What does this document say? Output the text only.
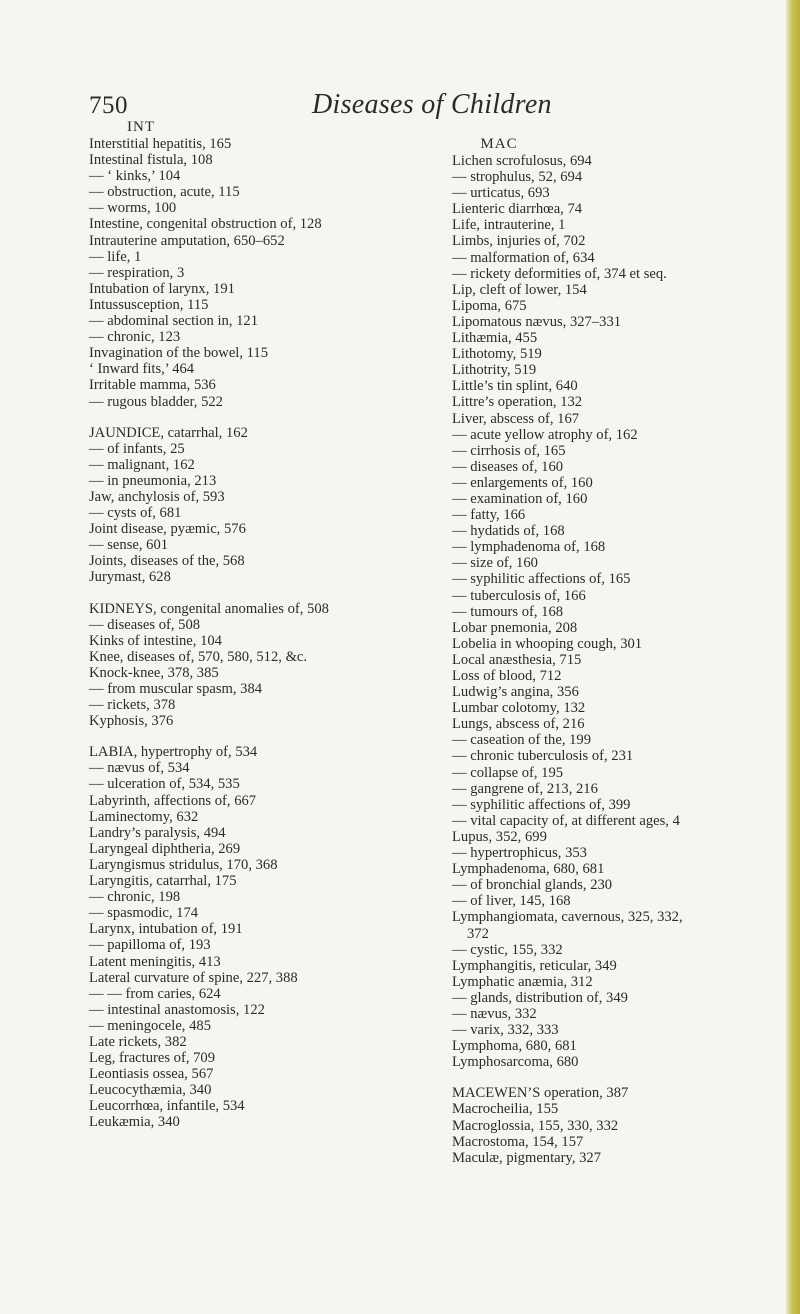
750	Diseases of Children
INT
Interstitial hepatitis, 165
Intestinal fistula, 108
— ‘ kinks,’ 104
— obstruction, acute, 115
— worms, 100
Intestine, congenital obstruction of, 128
Intrauterine amputation, 650–652
— life, 1
— respiration, 3
Intubation of larynx, 191
Intussusception, 115
— abdominal section in, 121
— chronic, 123
Invagination of the bowel, 115
‘ Inward fits,’ 464
Irritable mamma, 536
— rugous bladder, 522
JAUNDICE, catarrhal, 162
— of infants, 25
— malignant, 162
— in pneumonia, 213
Jaw, anchylosis of, 593
— cysts of, 681
Joint disease, pyæmic, 576
— sense, 601
Joints, diseases of the, 568
Jurymast, 628
KIDNEYS, congenital anomalies of, 508
— diseases of, 508
Kinks of intestine, 104
Knee, diseases of, 570, 580, 512, &c.
Knock-knee, 378, 385
— from muscular spasm, 384
— rickets, 378
Kyphosis, 376
LABIA, hypertrophy of, 534
— nævus of, 534
— ulceration of, 534, 535
Labyrinth, affections of, 667
Laminectomy, 632
Landry’s paralysis, 494
Laryngeal diphtheria, 269
Laryngismus stridulus, 170, 368
Laryngitis, catarrhal, 175
— chronic, 198
— spasmodic, 174
Larynx, intubation of, 191
— papilloma of, 193
Latent meningitis, 413
Lateral curvature of spine, 227, 388
— — from caries, 624
— intestinal anastomosis, 122
— meningocele, 485
Late rickets, 382
Leg, fractures of, 709
Leontiasis ossea, 567
Leucocythæmia, 340
Leucorrhœa, infantile, 534
Leukæmia, 340
MAC
Lichen scrofulosus, 694
— strophulus, 52, 694
— urticatus, 693
Lienteric diarrhœa, 74
Life, intrauterine, 1
Limbs, injuries of, 702
— malformation of, 634
— rickety deformities of, 374 et seq.
Lip, cleft of lower, 154
Lipoma, 675
Lipomatous nævus, 327–331
Lithæmia, 455
Lithotomy, 519
Lithotrity, 519
Little’s tin splint, 640
Littre’s operation, 132
Liver, abscess of, 167
— acute yellow atrophy of, 162
— cirrhosis of, 165
— diseases of, 160
— enlargements of, 160
— examination of, 160
— fatty, 166
— hydatids of, 168
— lymphadenoma of, 168
— size of, 160
— syphilitic affections of, 165
— tuberculosis of, 166
— tumours of, 168
Lobar pnemonia, 208
Lobelia in whooping cough, 301
Local anæsthesia, 715
Loss of blood, 712
Ludwig’s angina, 356
Lumbar colotomy, 132
Lungs, abscess of, 216
— caseation of the, 199
— chronic tuberculosis of, 231
— collapse of, 195
— gangrene of, 213, 216
— syphilitic affections of, 399
— vital capacity of, at different ages, 4
Lupus, 352, 699
— hypertrophicus, 353
Lymphadenoma, 680, 681
— of bronchial glands, 230
— of liver, 145, 168
Lymphangiomata, cavernous, 325, 332,
372
— cystic, 155, 332
Lymphangitis, reticular, 349
Lymphatic anæmia, 312
— glands, distribution of, 349
— nævus, 332
— varix, 332, 333
Lymphoma, 680, 681
Lymphosarcoma, 680
MACEWEN’S operation, 387
Macrocheilia, 155
Macroglossia, 155, 330, 332
Macrostoma, 154, 157
Maculæ, pigmentary, 327
